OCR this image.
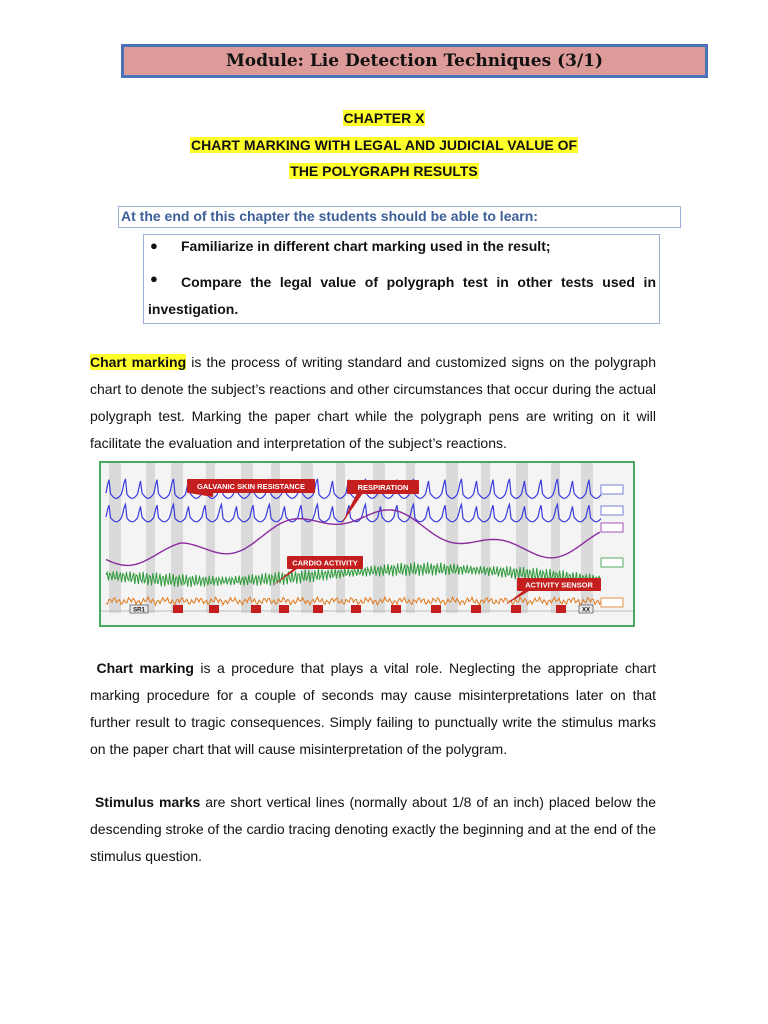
Module: Lie Detection Techniques (3/1)
CHAPTER X
CHART MARKING WITH LEGAL AND JUDICIAL VALUE OF
THE POLYGRAPH RESULTS
At the end of this chapter the students should be able to learn:
● Familiarize in different chart marking used in the result;
●	Compare the legal value of polygraph test in other tests used in investigation.

Chart marking is the process of writing standard and customized signs on the polygraph chart to denote the subject’s reactions and other circumstances that occur during the actual polygraph test. Marking the paper chart while the polygraph pens are writing on it will facilitate the evaluation and interpretation of the subject’s reactions.

GALVANIC SKIN RESISTANCE	RESPIRATION
CARDIO ACTIVITY
ACTIVITY SENSOR
SR1	XX

Chart marking is a procedure that plays a vital role. Neglecting the appropriate chart marking procedure for a couple of seconds may cause misinterpretations later on that further result to tragic consequences. Simply failing to punctually write the stimulus marks on the paper chart that will cause misinterpretation of the polygram.

Stimulus marks are short vertical lines (normally about 1/8 of an inch) placed below the descending stroke of the cardio tracing denoting exactly the beginning and at the end of the stimulus question.
